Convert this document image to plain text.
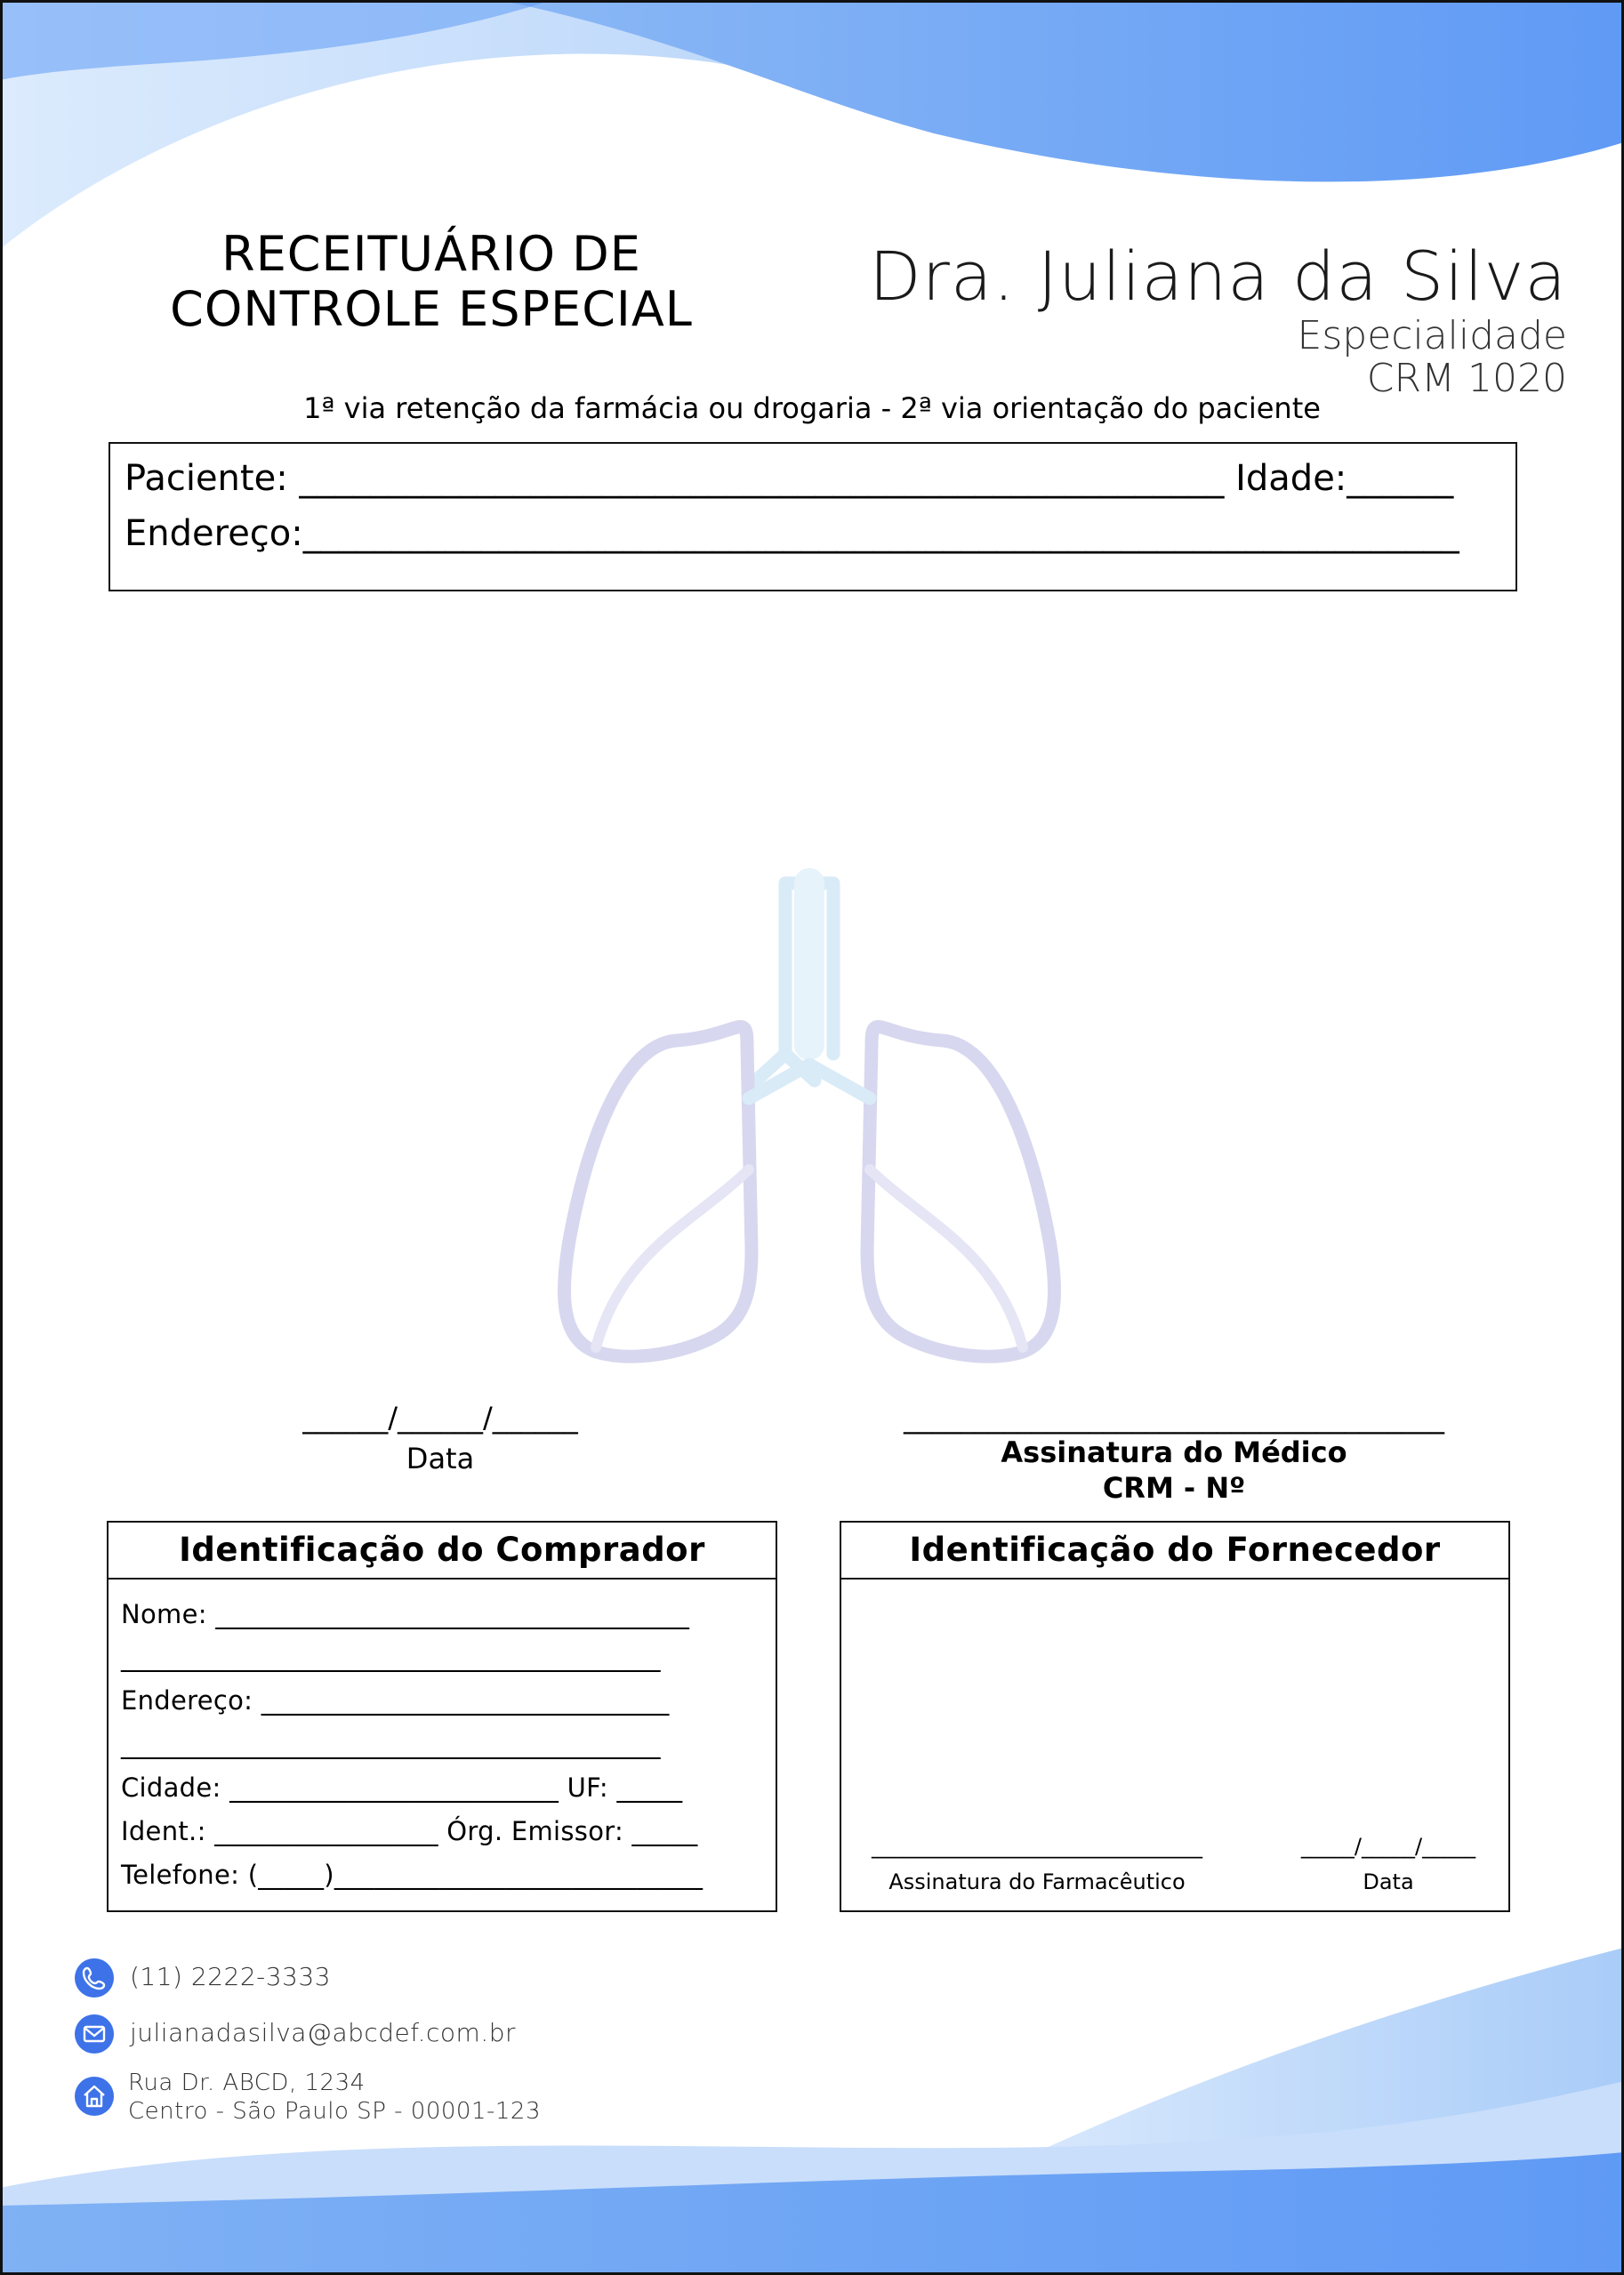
RECEITUÁRIO DE
CONTROLE ESPECIAL	Dra. Juliana da Silva
Especialidade
CRM 1020
1ª via retenção da farmácia ou drogaria - 2ª via orientação do paciente
Paciente: ____________________________________________________ Idade:______
Endereço:_________________________________________________________________
______/______/______
Data
______________________________________
Assinatura do Médico
CRM - Nº
Identificação do Comprador
Nome: ____________________________________
_________________________________________
Endereço: _______________________________
_________________________________________
Cidade: _________________________ UF: _____
Ident.: _________________ Órg. Emissor: _____
Telefone: (_____)____________________________
Identificação do Fornecedor
_______________________________
Assinatura do Farmacêutico
_____/_____/_____
Data
(11) 2222-3333
julianadasilva@abcdef.com.br
Rua Dr. ABCD, 1234
Centro - São Paulo SP - 00001-123
